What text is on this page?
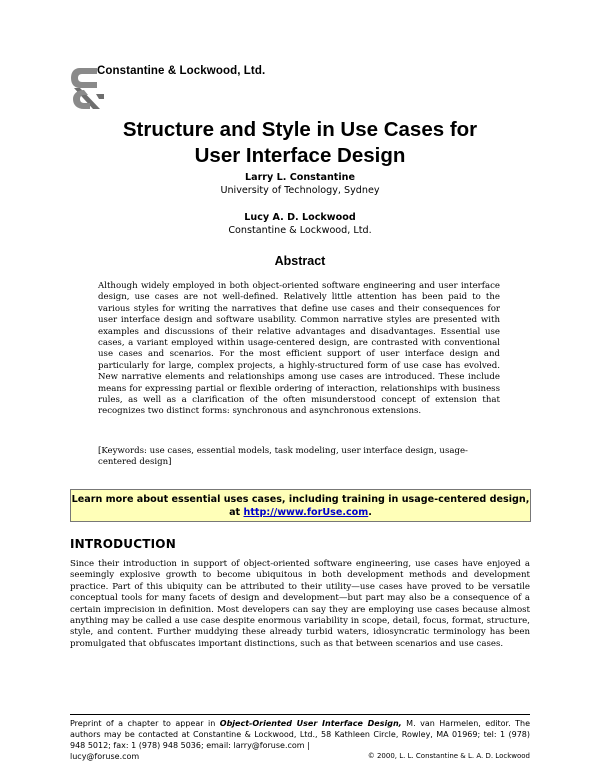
Constantine & Lockwood, Ltd.
Structure and Style in Use Cases for
User Interface Design
Larry L. Constantine
University of Technology, Sydney
Lucy A. D. Lockwood
Constantine & Lockwood, Ltd.
Abstract

Although widely employed in both object-oriented software engineering and user interface design, use cases are not well-defined. Relatively little attention has been paid to the various styles for writing the narratives that define use cases and their consequences for user interface design and software usability. Common narrative styles are presented with examples and discussions of their relative advantages and disadvantages. Essential use cases, a variant employed within usage-centered design, are contrasted with conventional use cases and scenarios. For the most efficient support of user interface design and particularly for large, complex projects, a highly-structured form of use case has evolved. New narrative elements and relationships among use cases are introduced. These include means for expressing partial or flexible ordering of interaction, relationships with business rules, as well as a clarification of the often misunderstood concept of extension that recognizes two distinct forms: synchronous and asynchronous extensions.

[Keywords: use cases, essential models, task modeling, user interface design, usage-centered design]

Learn more about essential uses cases, including training in usage-centered design, at http://www.forUse.com.
INTRODUCTION

Since their introduction in support of object-oriented software engineering, use cases have enjoyed a seemingly explosive growth to become ubiquitous in both development methods and development practice. Part of this ubiquity can be attributed to their utility—use cases have proved to be versatile conceptual tools for many facets of design and development—but part may also be a consequence of a certain imprecision in definition. Most developers can say they are employing use cases because almost anything may be called a use case despite enormous variability in scope, detail, focus, format, structure, style, and content. Further muddying these already turbid waters, idiosyncratic terminology has been promulgated that obfuscates important distinctions, such as that between scenarios and use cases.

Preprint of a chapter to appear in Object-Oriented User Interface Design, M. van Harmelen, editor. The authors may be contacted at Constantine & Lockwood, Ltd., 58 Kathleen Circle, Rowley, MA 01969; tel: 1 (978) 948 5012; fax: 1 (978) 948 5036; email: larry@foruse.com |

lucy@foruse.com	© 2000, L. L. Constantine & L. A. D. Lockwood
